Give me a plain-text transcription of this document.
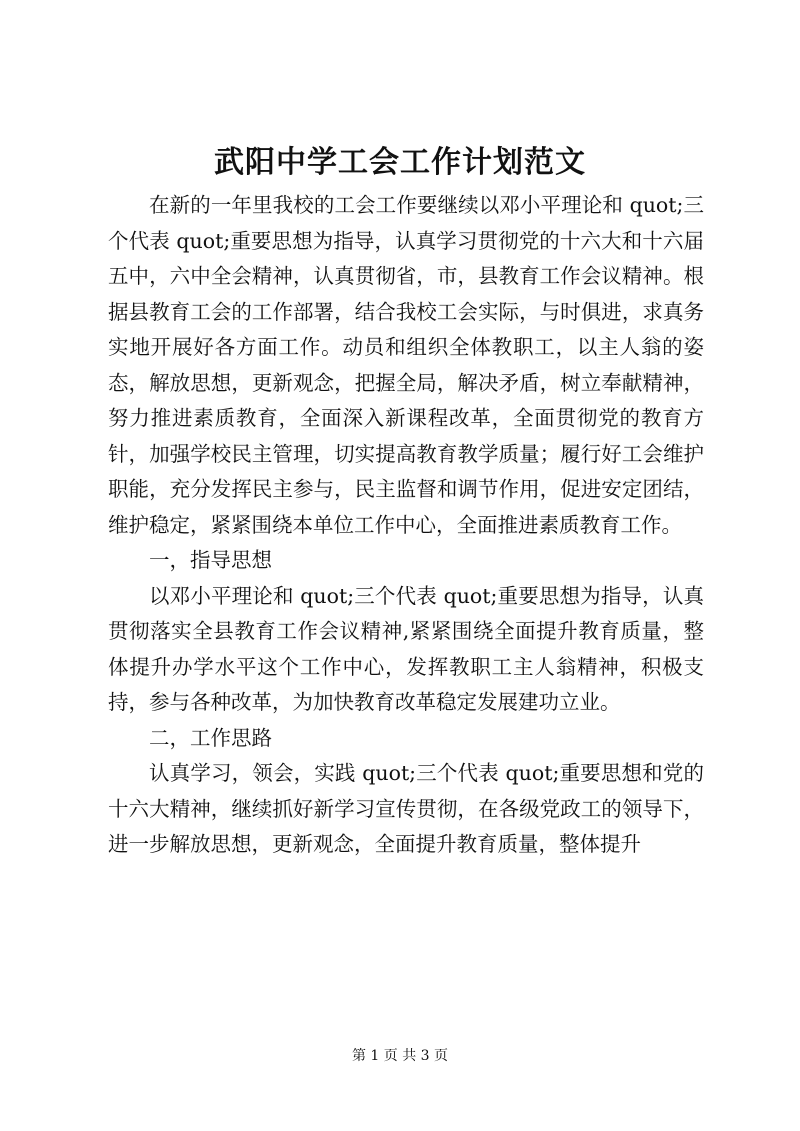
武阳中学工会工作计划范文

在新的一年里我校的工会工作要继续以邓小平理论和 quot;三个代表 quot;重要思想为指导，认真学习贯彻党的十六大和十六届五中，六中全会精神，认真贯彻省，市，县教育工作会议精神。根据县教育工会的工作部署，结合我校工会实际，与时俱进，求真务实地开展好各方面工作。动员和组织全体教职工，以主人翁的姿态，解放思想，更新观念，把握全局，解决矛盾，树立奉献精神，努力推进素质教育，全面深入新课程改革，全面贯彻党的教育方针，加强学校民主管理，切实提高教育教学质量；履行好工会维护职能，充分发挥民主参与，民主监督和调节作用，促进安定团结，维护稳定，紧紧围绕本单位工作中心，全面推进素质教育工作。

一，指导思想

以邓小平理论和 quot;三个代表 quot;重要思想为指导，认真贯彻落实全县教育工作会议精神,紧紧围绕全面提升教育质量，整体提升办学水平这个工作中心，发挥教职工主人翁精神，积极支持，参与各种改革，为加快教育改革稳定发展建功立业。

二，工作思路

认真学习，领会，实践 quot;三个代表 quot;重要思想和党的十六大精神，继续抓好新学习宣传贯彻，在各级党政工的领导下，进一步解放思想，更新观念，全面提升教育质量，整体提升

第 1 页 共 3 页
